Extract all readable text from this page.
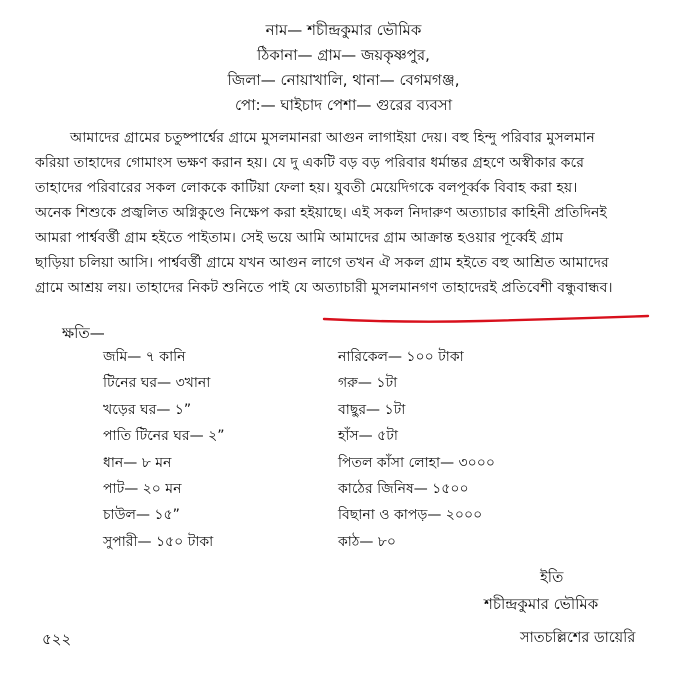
নাম— শচীন্দ্রকুমার ভৌমিক
ঠিকানা— গ্রাম— জয়কৃষ্ণপুর,
জিলা— নোয়াখালি, থানা— বেগমগঞ্জ,
পো:— ঘাইচাদ পেশা— গুরের ব্যবসা
আমাদের গ্রামের চতুষ্পার্শ্বের গ্রামে মুসলমানরা আগুন লাগাইয়া দেয়। বহু হিন্দু পরিবার মুসলমান
করিয়া তাহাদের গোমাংস ভক্ষণ করান হয়। যে দু একটি বড় বড় পরিবার ধর্মান্তর গ্রহণে অস্বীকার করে
তাহাদের পরিবারের সকল লোককে কাটিয়া ফেলা হয়। যুবতী মেয়েদিগকে বলপূর্ব্বক বিবাহ করা হয়।
অনেক শিশুকে প্রজ্বলিত অগ্নিকুণ্ডে নিক্ষেপ করা হইয়াছে। এই সকল নিদারুণ অত্যাচার কাহিনী প্রতিদিনই
আমরা পার্শ্ববর্ত্তী গ্রাম হইতে পাইতাম। সেই ভয়ে আমি আমাদের গ্রাম আক্রান্ত হওয়ার পূর্ব্বেই গ্রাম
ছাড়িয়া চলিয়া আসি। পার্শ্ববর্ত্তী গ্রামে যখন আগুন লাগে তখন ঐ সকল গ্রাম হইতে বহু আশ্রিত আমাদের
গ্রামে আশ্রয় লয়। তাহাদের নিকট শুনিতে পাই যে অত্যাচারী মুসলমানগণ তাহাদেরই প্রতিবেশী বন্ধুবান্ধব।
ক্ষতি—
জমি— ৭ কানি
টিনের ঘর— ৩খানা
খড়ের ঘর— ১”
পাতি টিনের ঘর— ২”
ধান— ৮ মন
পাট— ২০ মন
চাউল— ১৫”
সুপারী— ১৫০ টাকা
নারিকেল— ১০০ টাকা
গরু— ১টা
বাছুর— ১টা
হাঁস— ৫টা
পিতল কাঁসা লোহা— ৩০০০
কাঠের জিনিষ— ১৫০০
বিছানা ও কাপড়— ২০০০
কাঠ— ৮০
ইতি
শচীন্দ্রকুমার ভৌমিক
৫২২	সাতচল্লিশের ডায়েরি
